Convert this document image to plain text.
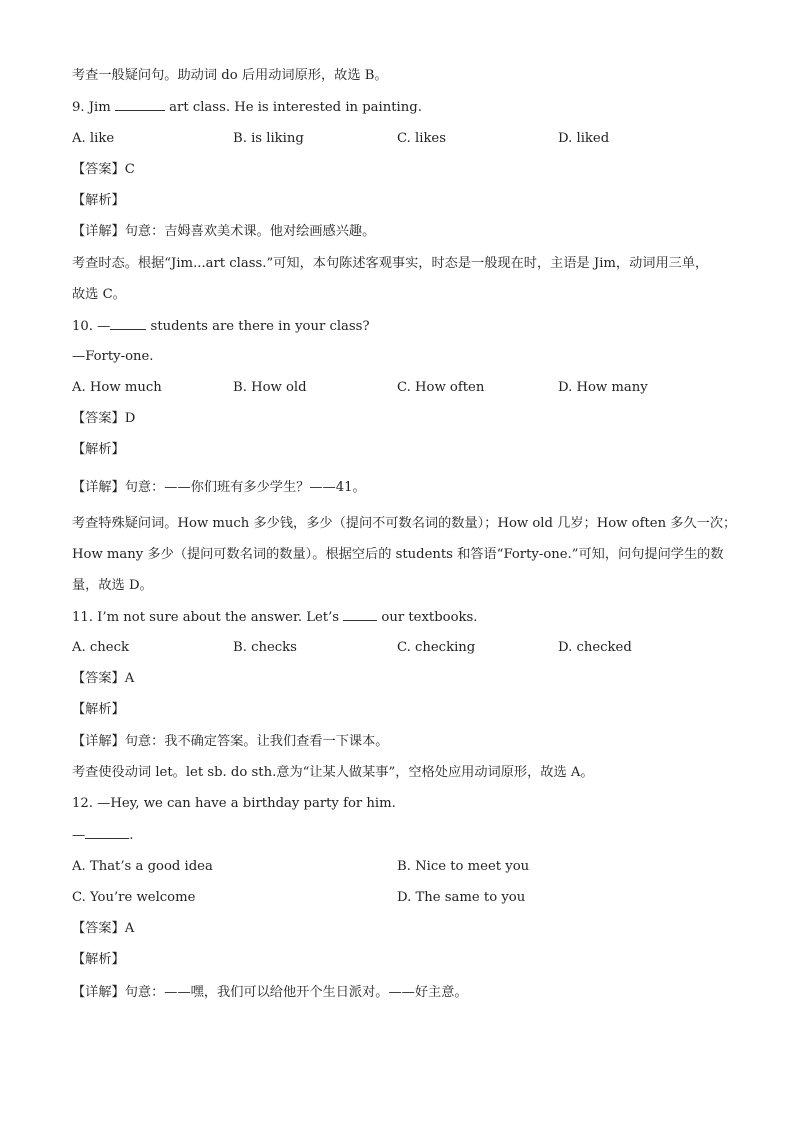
考查一般疑问句。助动词 do 后用动词原形，故选 B。
9. Jim	art class. He is interested in painting.
A. like	B. is liking	C. likes	D. liked
【答案】C
【解析】
【详解】句意：吉姆喜欢美术课。他对绘画感兴趣。
考查时态。根据“Jim...art class.”可知，本句陈述客观事实，时态是一般现在时，主语是 Jim，动词用三单，
故选 C。
10. —	students are there in your class?
—Forty-one.
A. How much	B. How old	C. How often	D. How many
【答案】D
【解析】
【详解】句意：——你们班有多少学生？——41。
考查特殊疑问词。How much 多少钱，多少（提问不可数名词的数量）；How old 几岁；How often 多久一次；
How many 多少（提问可数名词的数量）。根据空后的 students 和答语“Forty-one.”可知，问句提问学生的数
量，故选 D。
11. I’m not sure about the answer. Let’s	our textbooks.
A. check	B. checks	C. checking	D. checked
【答案】A
【解析】
【详解】句意：我不确定答案。让我们查看一下课本。
考查使役动词 let。let sb. do sth.意为“让某人做某事”，空格处应用动词原形，故选 A。
12. —Hey, we can have a birthday party for him.
—	.
A. That’s a good idea	B. Nice to meet you
C. You’re welcome	D. The same to you
【答案】A
【解析】
【详解】句意：——嘿，我们可以给他开个生日派对。——好主意。
